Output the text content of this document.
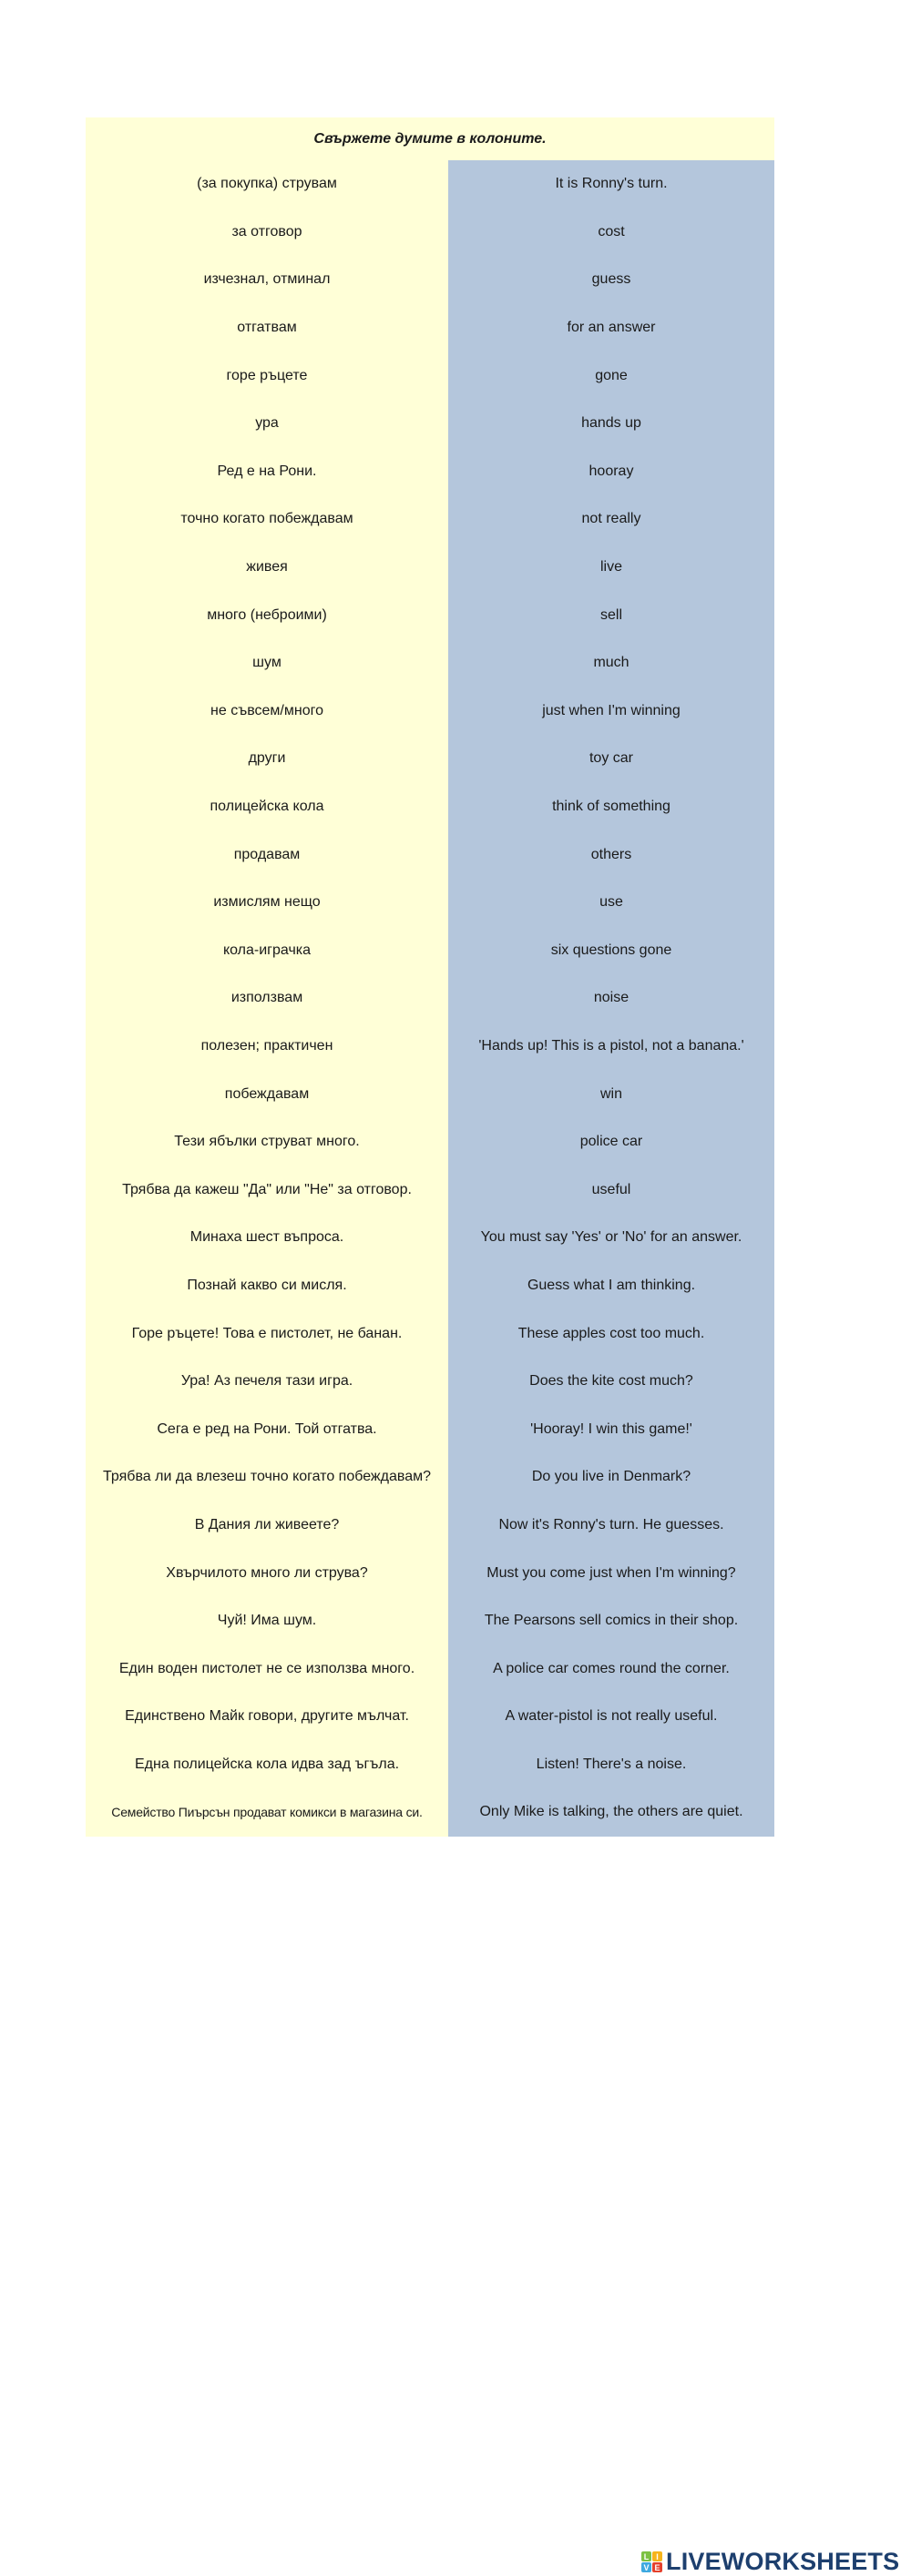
Свържете думите в колоните.
(за покупка) струвам	It is Ronny's turn.
за отговор	cost
изчезнал, отминал	guess
отгатвам	for an answer
горе ръцете	gone
ура	hands up
Ред е на Рони.	hooray
точно когато побеждавам	not really
живея	live
много (неброими)	sell
шум	much
не съвсем/много	just when I'm winning
други	toy car
полицейска кола	think of something
продавам	others
измислям нещо	use
кола-играчка	six questions gone
използвам	noise
полезен; практичен	'Hands up! This is a pistol, not a banana.'
побеждавам	win
Тези ябълки струват много.	police car
Трябва да кажеш "Да" или "Не" за отговор.	useful
Минаха шест въпроса.	You must say 'Yes' or 'No' for an answer.
Познай какво си мисля.	Guess what I am thinking.
Горе ръцете! Това е пистолет, не банан.	These apples cost too much.
Ура! Аз печеля тази игра.	Does the kite cost much?
Сега е ред на Рони. Той отгатва.	'Hooray! I win this game!'
Трябва ли да влезеш точно когато побеждавам?	Do you live in Denmark?
В Дания ли живеете?	Now it's Ronny's turn. He guesses.
Хвърчилото много ли струва?	Must you come just when I'm winning?
Чуй! Има шум.	The Pearsons sell comics in their shop.
Един воден пистолет не се използва много.	A police car comes round the corner.
Единствено Майк говори, другите мълчат.	A water-pistol is not really useful.
Една полицейска кола идва зад ъгъла.	Listen! There's a noise.
Семейство Пиърсън продават комикси в магазина си.	Only Mike is talking, the others are quiet.
L I
V E LIVEWORKSHEETS
